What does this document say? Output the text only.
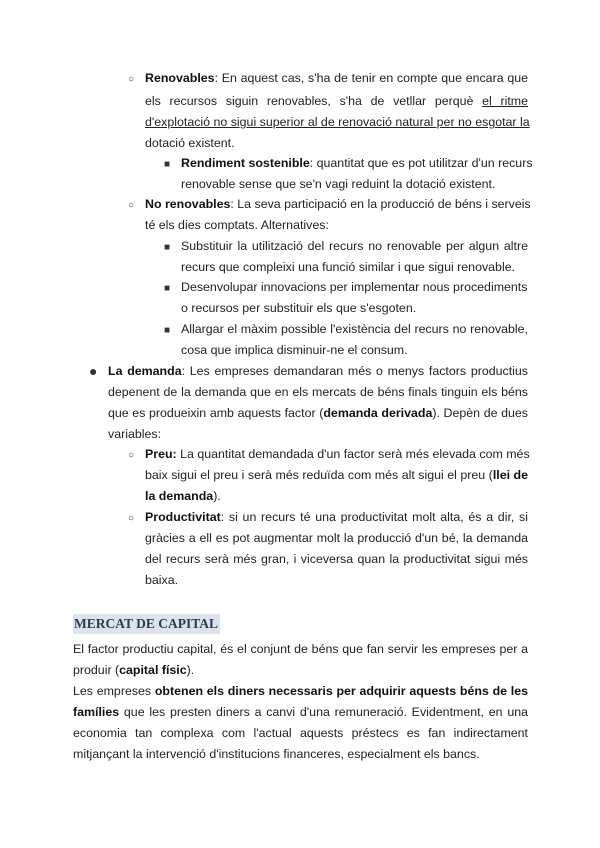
○ Renovables: En aquest cas, s'ha de tenir en compte que encara que
els recursos siguin renovables, s'ha de vetllar perquè el ritme
d'explotació no sigui superior al de renovació natural per no esgotar la
dotació existent.
■ Rendiment sostenible: quantitat que es pot utilitzar d'un recurs
renovable sense que se'n vagi reduint la dotació existent.
○ No renovables: La seva participació en la producció de béns i serveis
té els dies comptats. Alternatives:
■ Substituir la utilització del recurs no renovable per algun altre
recurs que compleixi una funció similar i que sigui renovable.
■ Desenvolupar innovacions per implementar nous procediments
o recursos per substituir els que s'esgoten.
■ Allargar el màxim possible l'existència del recurs no renovable,
cosa que implica disminuir-ne el consum.
● La demanda: Les empreses demandaran més o menys factors productius
depenent de la demanda que en els mercats de béns finals tinguin els béns
que es produeixin amb aquests factor (demanda derivada). Depèn de dues
variables:
○ Preu: La quantitat demandada d'un factor serà més elevada com més
baix sigui el preu i serà més reduïda com més alt sigui el preu (llei de
la demanda).
○ Productivitat: si un recurs té una productivitat molt alta, és a dir, si
gràcies a ell es pot augmentar molt la producció d'un bé, la demanda
del recurs serà més gran, i viceversa quan la productivitat sigui més
baixa.
MERCAT DE CAPITAL
El factor productiu capital, és el conjunt de béns que fan servir les empreses per a
produir (capital físic).
Les empreses obtenen els diners necessaris per adquirir aquests béns de les
famílies que les presten diners a canvi d'una remuneració. Evidentment, en una
economia tan complexa com l'actual aquests préstecs es fan indirectament
mitjançant la intervenció d'institucions financeres, especialment els bancs.
